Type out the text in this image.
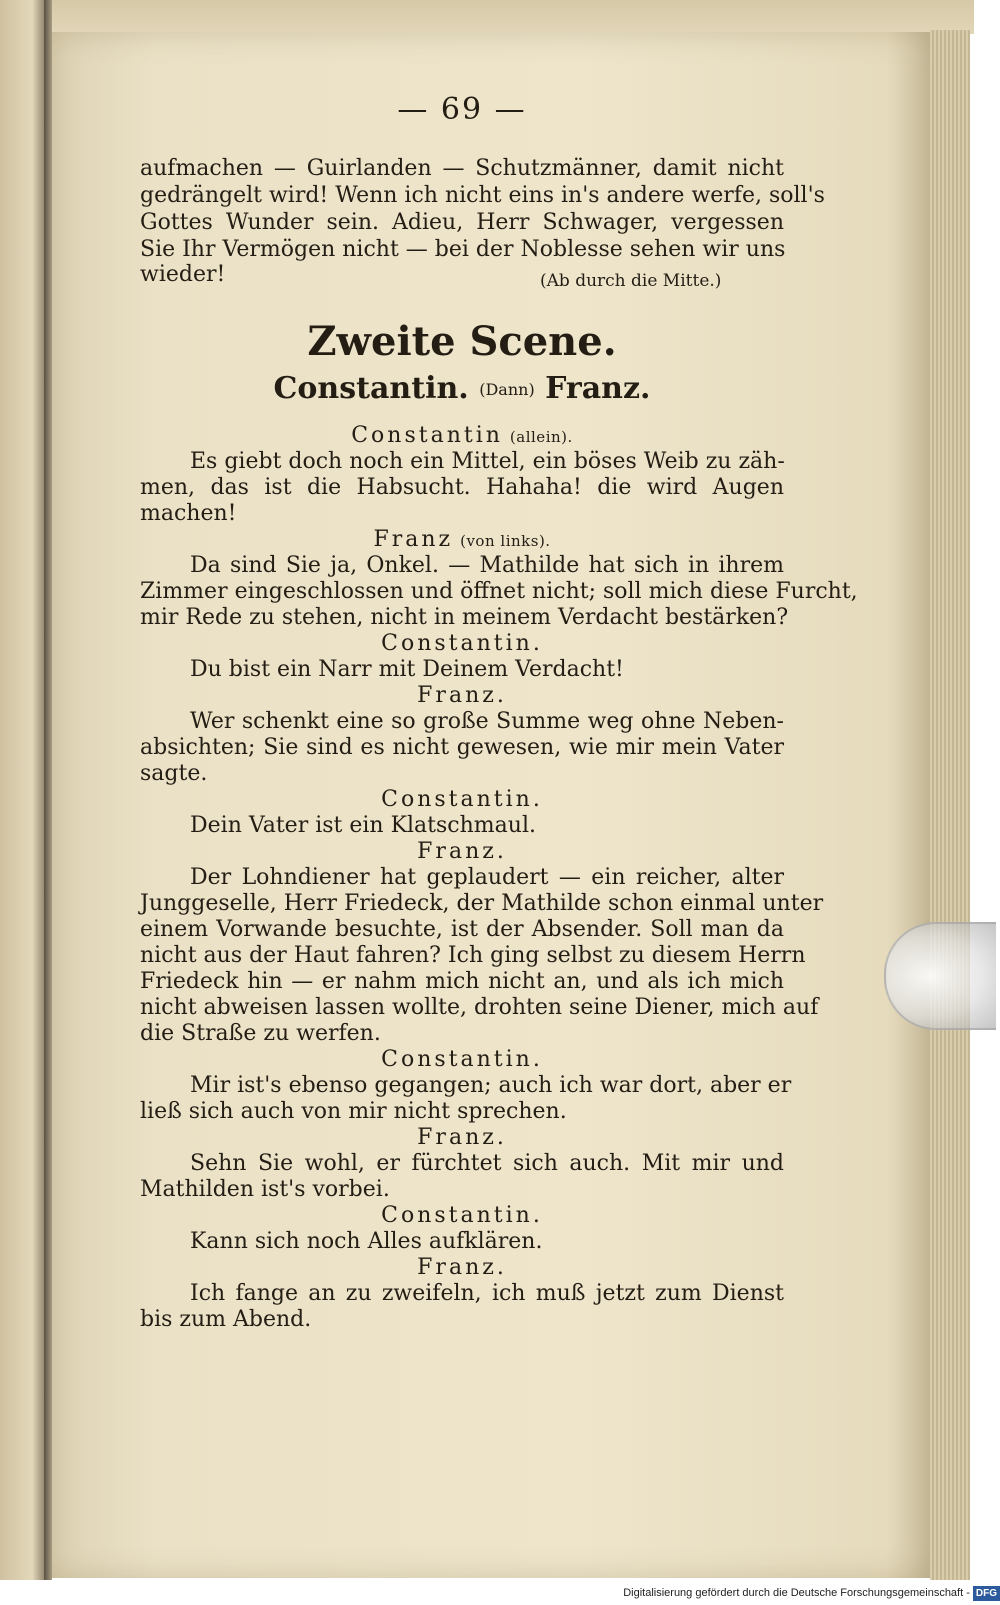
— 69 —
aufmachen — Guirlanden — Schutzmänner, damit nicht
gedrängelt wird! Wenn ich nicht eins in's andere werfe, soll's
Gottes Wunder sein. Adieu, Herr Schwager, vergessen
Sie Ihr Vermögen nicht — bei der Noblesse sehen wir uns
wieder!	(Ab durch die Mitte.)
Zweite Scene.
Constantin. (Dann) Franz.
Constantin (allein).
Es giebt doch noch ein Mittel, ein böses Weib zu zäh-
men, das ist die Habsucht. Hahaha! die wird Augen
machen!
Franz (von links).
Da sind Sie ja, Onkel. — Mathilde hat sich in ihrem
Zimmer eingeschlossen und öffnet nicht; soll mich diese Furcht,
mir Rede zu stehen, nicht in meinem Verdacht bestärken?
Constantin.
Du bist ein Narr mit Deinem Verdacht!
Franz.
Wer schenkt eine so große Summe weg ohne Neben-
absichten; Sie sind es nicht gewesen, wie mir mein Vater
sagte.
Constantin.
Dein Vater ist ein Klatschmaul.
Franz.
Der Lohndiener hat geplaudert — ein reicher, alter
Junggeselle, Herr Friedeck, der Mathilde schon einmal unter
einem Vorwande besuchte, ist der Absender. Soll man da
nicht aus der Haut fahren? Ich ging selbst zu diesem Herrn
Friedeck hin — er nahm mich nicht an, und als ich mich
nicht abweisen lassen wollte, drohten seine Diener, mich auf
die Straße zu werfen.
Constantin.
Mir ist's ebenso gegangen; auch ich war dort, aber er
ließ sich auch von mir nicht sprechen.
Franz.
Sehn Sie wohl, er fürchtet sich auch. Mit mir und
Mathilden ist's vorbei.
Constantin.
Kann sich noch Alles aufklären.
Franz.
Ich fange an zu zweifeln, ich muß jetzt zum Dienst
bis zum Abend.
Digitalisierung gefördert durch die Deutsche Forschungsgemeinschaft - DFG
